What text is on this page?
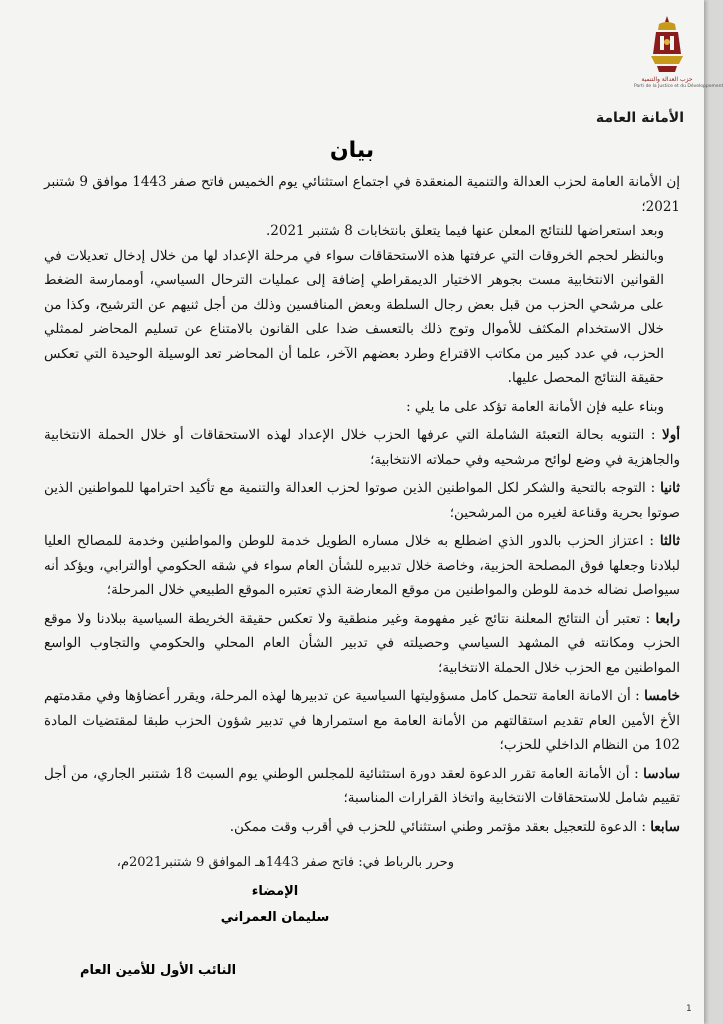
حزب العدالة والتنمية
Parti de la Justice et du Développement
الأمانة العامة
بيان

إن الأمانة العامة لحزب العدالة والتنمية المنعقدة في اجتماع استثنائي يوم الخميس فاتح صفر 1443 موافق 9 شتنبر 2021؛

وبعد استعراضها للنتائج المعلن عنها فيما يتعلق بانتخابات 8 شتنبر 2021.

وبالنظر لحجم الخروقات التي عرفتها هذه الاستحقاقات سواء في مرحلة الإعداد لها من خلال إدخال تعديلات في القوانين الانتخابية مست بجوهر الاختيار الديمقراطي إضافة إلى عمليات الترحال السياسي، أوممارسة الضغط على مرشحي الحزب من قبل بعض رجال السلطة وبعض المنافسين وذلك من أجل ثنيهم عن الترشيح، وكذا من خلال الاستخدام المكثف للأموال وتوج ذلك بالتعسف ضدا على القانون بالامتناع عن تسليم المحاضر لممثلي الحزب، في عدد كبير من مكاتب الاقتراع وطرد بعضهم الآخر، علما أن المحاضر تعد الوسيلة الوحيدة التي تعكس حقيقة النتائج المحصل عليها.

وبناء عليه فإن الأمانة العامة تؤكد على ما يلي :

أولا : التنويه بحالة التعبئة الشاملة التي عرفها الحزب خلال الإعداد لهذه الاستحقاقات أو خلال الحملة الانتخابية والجاهزية في وضع لوائح مرشحيه وفي حملاته الانتخابية؛

ثانيا : التوجه بالتحية والشكر لكل المواطنين الذين صوتوا لحزب العدالة والتنمية مع تأكيد احترامها للمواطنين الذين صوتوا بحرية وقناعة لغيره من المرشحين؛

ثالثا : اعتزاز الحزب بالدور الذي اضطلع به خلال مساره الطويل خدمة للوطن والمواطنين وخدمة للمصالح العليا لبلادنا وجعلها فوق المصلحة الحزبية، وخاصة خلال تدبيره للشأن العام سواء في شقه الحكومي أوالترابي، ويؤكد أنه سيواصل نضاله خدمة للوطن والمواطنين من موقع المعارضة الذي تعتبره الموقع الطبيعي خلال المرحلة؛

رابعا : تعتبر أن النتائج المعلنة نتائج غير مفهومة وغير منطقية ولا تعكس حقيقة الخريطة السياسية ببلادنا ولا موقع الحزب ومكانته في المشهد السياسي وحصيلته في تدبير الشأن العام المحلي والحكومي والتجاوب الواسع المواطنين مع الحزب خلال الحملة الانتخابية؛

خامسا : أن الامانة العامة تتحمل كامل مسؤوليتها السياسية عن تدبيرها لهذه المرحلة، ويقرر أعضاؤها وفي مقدمتهم الأخ الأمين العام تقديم استقالتهم من الأمانة العامة مع استمرارها في تدبير شؤون الحزب طبقا لمقتضيات المادة 102 من النظام الداخلي للحزب؛

سادسا : أن الأمانة العامة تقرر الدعوة لعقد دورة استثنائية للمجلس الوطني يوم السبت 18 شتنبر الجاري، من أجل تقييم شامل للاستحقاقات الانتخابية واتخاذ القرارات المناسبة؛

سابعا : الدعوة للتعجيل بعقد مؤتمر وطني استثنائي للحزب في أقرب وقت ممكن.

وحرر بالرباط في: فاتح صفر 1443هـ الموافق 9 شتنبر2021م،
الإمضاء
سليمان العمراني
النائب الأول للأمين العام
1
